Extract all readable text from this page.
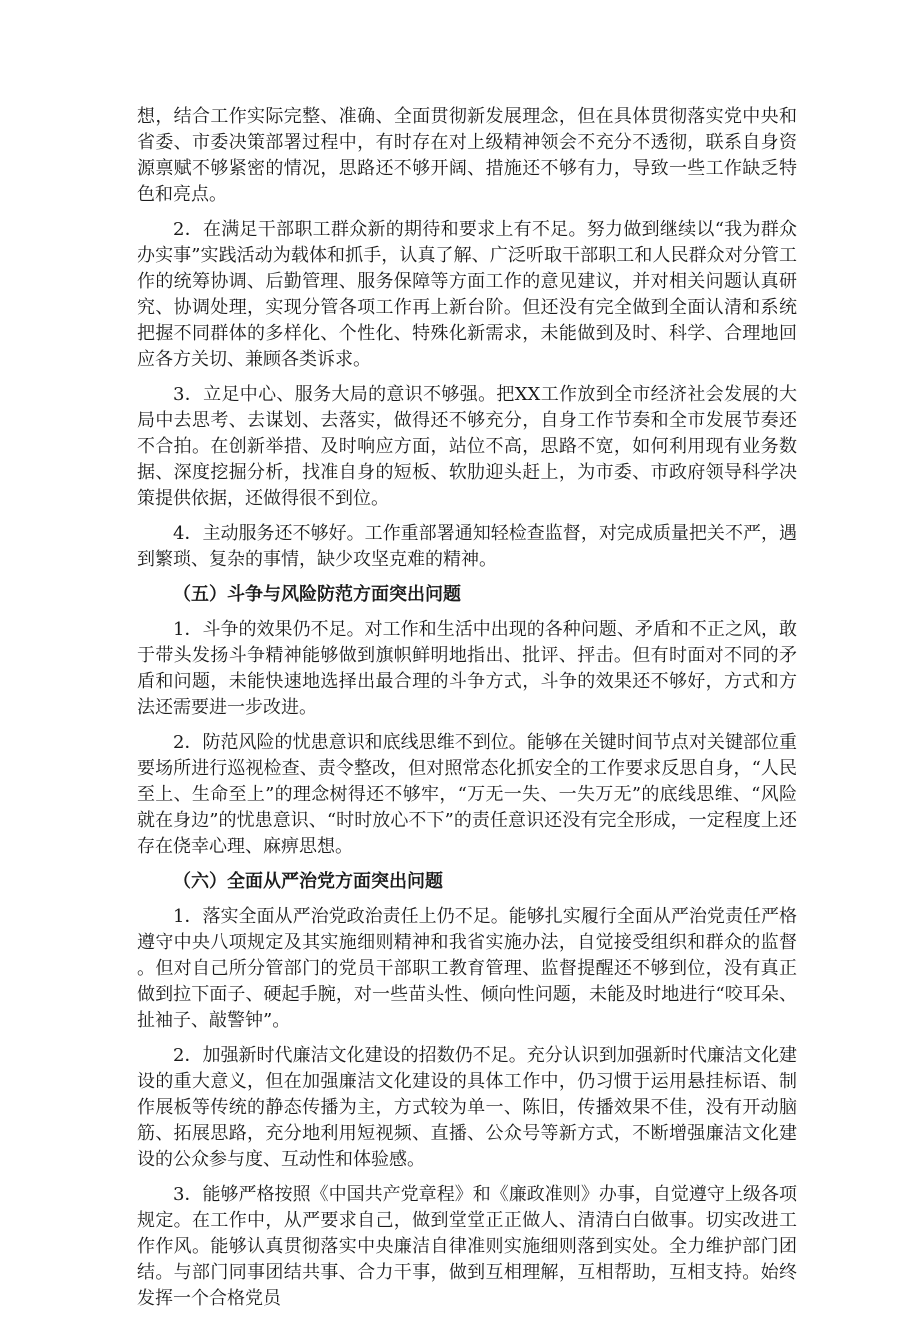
想，结合工作实际完整、准确、全面贯彻新发展理念，但在具体贯彻落实党中央和省委、市委决策部署过程中，有时存在对上级精神领会不充分不透彻，联系自身资源禀赋不够紧密的情况，思路还不够开阔、措施还不够有力，导致一些工作缺乏特色和亮点。

2．在满足干部职工群众新的期待和要求上有不足。努力做到继续以“我为群众办实事”实践活动为载体和抓手，认真了解、广泛听取干部职工和人民群众对分管工作的统筹协调、后勤管理、服务保障等方面工作的意见建议，并对相关问题认真研究、协调处理，实现分管各项工作再上新台阶。但还没有完全做到全面认清和系统把握不同群体的多样化、个性化、特殊化新需求，未能做到及时、科学、合理地回应各方关切、兼顾各类诉求。

3．立足中心、服务大局的意识不够强。把XX工作放到全市经济社会发展的大局中去思考、去谋划、去落实，做得还不够充分，自身工作节奏和全市发展节奏还不合拍。在创新举措、及时响应方面，站位不高，思路不宽，如何利用现有业务数据、深度挖掘分析，找准自身的短板、软肋迎头赶上，为市委、市政府领导科学决策提供依据，还做得很不到位。

4．主动服务还不够好。工作重部署通知轻检查监督，对完成质量把关不严，遇到繁琐、复杂的事情，缺少攻坚克难的精神。

（五）斗争与风险防范方面突出问题

1．斗争的效果仍不足。对工作和生活中出现的各种问题、矛盾和不正之风，敢于带头发扬斗争精神能够做到旗帜鲜明地指出、批评、抨击。但有时面对不同的矛盾和问题，未能快速地选择出最合理的斗争方式，斗争的效果还不够好，方式和方法还需要进一步改进。

2．防范风险的忧患意识和底线思维不到位。能够在关键时间节点对关键部位重要场所进行巡视检查、责令整改，但对照常态化抓安全的工作要求反思自身，“人民至上、生命至上”的理念树得还不够牢，“万无一失、一失万无”的底线思维、“风险就在身边”的忧患意识、“时时放心不下”的责任意识还没有完全形成，一定程度上还存在侥幸心理、麻痹思想。

（六）全面从严治党方面突出问题

1．落实全面从严治党政治责任上仍不足。能够扎实履行全面从严治党责任严格遵守中央八项规定及其实施细则精神和我省实施办法，自觉接受组织和群众的监督。但对自己所分管部门的党员干部职工教育管理、监督提醒还不够到位，没有真正做到拉下面子、硬起手腕，对一些苗头性、倾向性问题，未能及时地进行“咬耳朵、扯袖子、敲警钟”。

2．加强新时代廉洁文化建设的招数仍不足。充分认识到加强新时代廉洁文化建设的重大意义，但在加强廉洁文化建设的具体工作中，仍习惯于运用悬挂标语、制作展板等传统的静态传播为主，方式较为单一、陈旧，传播效果不佳，没有开动脑筋、拓展思路，充分地利用短视频、直播、公众号等新方式，不断增强廉洁文化建设的公众参与度、互动性和体验感。

3．能够严格按照《中国共产党章程》和《廉政准则》办事，自觉遵守上级各项规定。在工作中，从严要求自己，做到堂堂正正做人、清清白白做事。切实改进工作作风。能够认真贯彻落实中央廉洁自律准则实施细则落到实处。全力维护部门团结。与部门同事团结共事、合力干事，做到互相理解，互相帮助，互相支持。始终发挥一个合格党员
